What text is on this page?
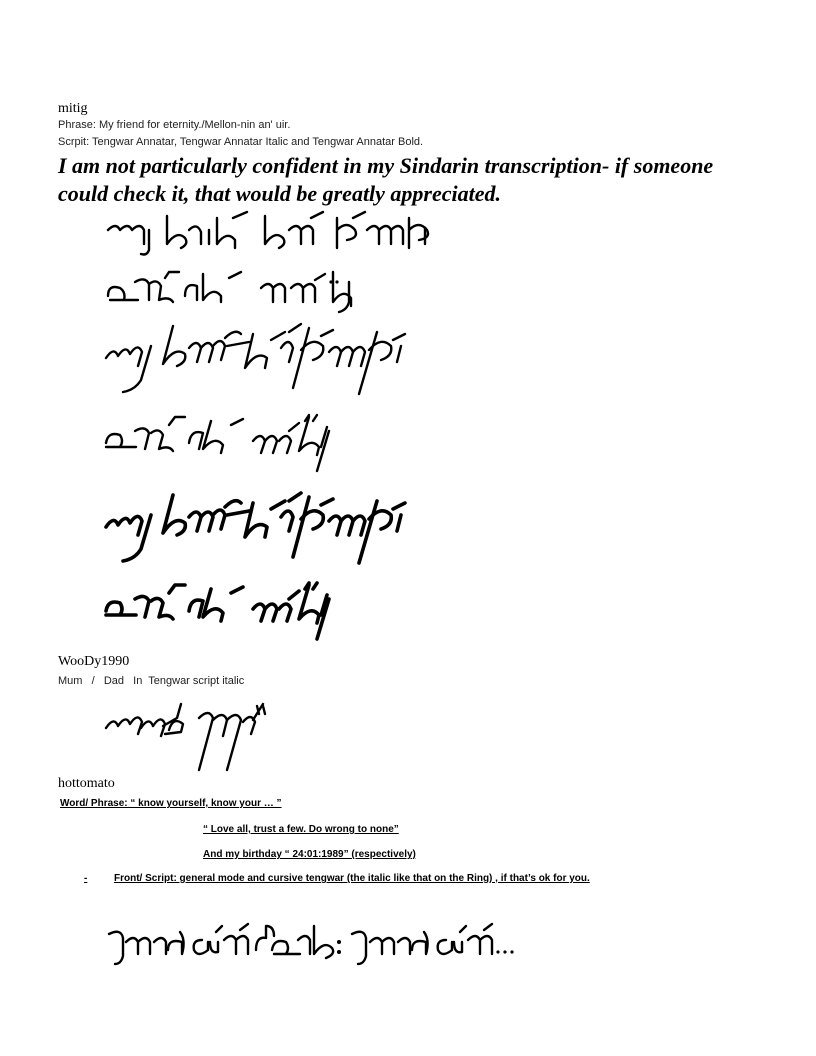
mitig
Phrase: My friend for eternity./Mellon-nin an' uir.
Scrpit: Tengwar Annatar, Tengwar Annatar Italic and Tengwar Annatar Bold.
I am not particularly confident in my Sindarin transcription- if someone could check it, that would be greatly appreciated.
WooDy1990
Mum   /   Dad   In  Tengwar script italic
hottomato
Word/ Phrase: “ know yourself, know your … ”
“ Love all, trust a few. Do wrong to none”
And my birthday “ 24:01:1989” (respectively)
-	Front/ Script: general mode and cursive tengwar (the italic like that on the Ring) , if that’s ok for you.
